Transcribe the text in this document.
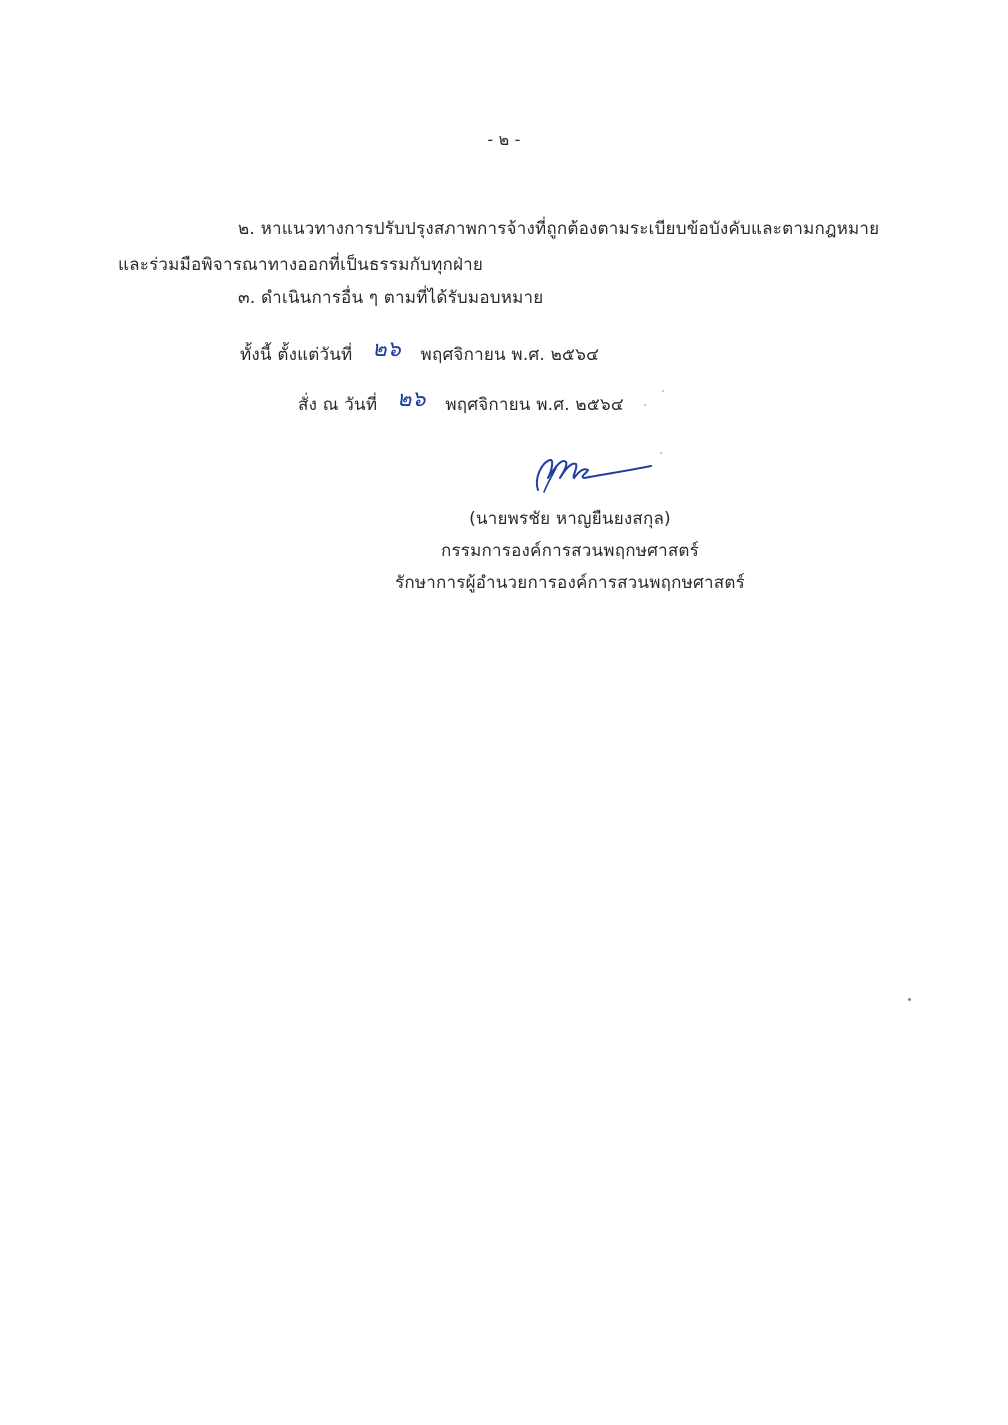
- ๒ -
๒. หาแนวทางการปรับปรุงสภาพการจ้างที่ถูกต้องตามระเบียบข้อบังคับและตามกฎหมาย
และร่วมมือพิจารณาทางออกที่เป็นธรรมกับทุกฝ่าย
๓. ดำเนินการอื่น ๆ ตามที่ได้รับมอบหมาย
ทั้งนี้ ตั้งแต่วันที่ ๒๖ พฤศจิกายน พ.ศ. ๒๕๖๔
สั่ง ณ วันที่ ๒๖ พฤศจิกายน พ.ศ. ๒๕๖๔
(นายพรชัย หาญยืนยงสกุล)
กรรมการองค์การสวนพฤกษศาสตร์
รักษาการผู้อำนวยการองค์การสวนพฤกษศาสตร์
